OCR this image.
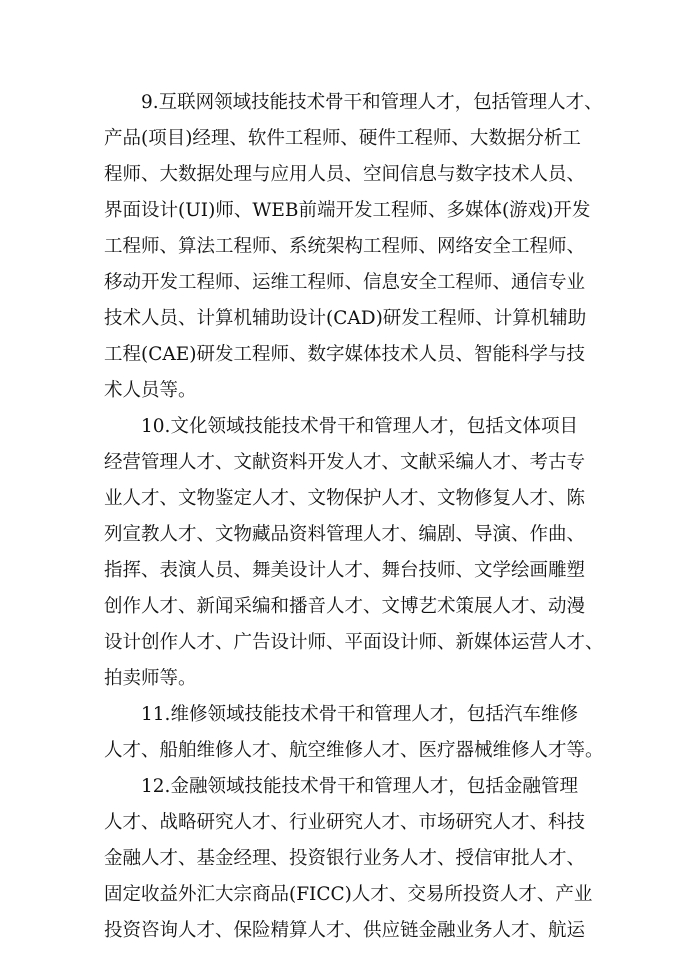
9.互联网领域技能技术骨干和管理人才，包括管理人才、
产品(项目)经理、软件工程师、硬件工程师、大数据分析工
程师、大数据处理与应用人员、空间信息与数字技术人员、
界面设计(UI)师、WEB前端开发工程师、多媒体(游戏)开发
工程师、算法工程师、系统架构工程师、网络安全工程师、
移动开发工程师、运维工程师、信息安全工程师、通信专业
技术人员、计算机辅助设计(CAD)研发工程师、计算机辅助
工程(CAE)研发工程师、数字媒体技术人员、智能科学与技
术人员等。
10.文化领域技能技术骨干和管理人才，包括文体项目
经营管理人才、文献资料开发人才、文献采编人才、考古专
业人才、文物鉴定人才、文物保护人才、文物修复人才、陈
列宣教人才、文物藏品资料管理人才、编剧、导演、作曲、
指挥、表演人员、舞美设计人才、舞台技师、文学绘画雕塑
创作人才、新闻采编和播音人才、文博艺术策展人才、动漫
设计创作人才、广告设计师、平面设计师、新媒体运营人才、
拍卖师等。
11.维修领域技能技术骨干和管理人才，包括汽车维修
人才、船舶维修人才、航空维修人才、医疗器械维修人才等。
12.金融领域技能技术骨干和管理人才，包括金融管理
人才、战略研究人才、行业研究人才、市场研究人才、科技
金融人才、基金经理、投资银行业务人才、授信审批人才、
固定收益外汇大宗商品(FICC)人才、交易所投资人才、产业
投资咨询人才、保险精算人才、供应链金融业务人才、航运
